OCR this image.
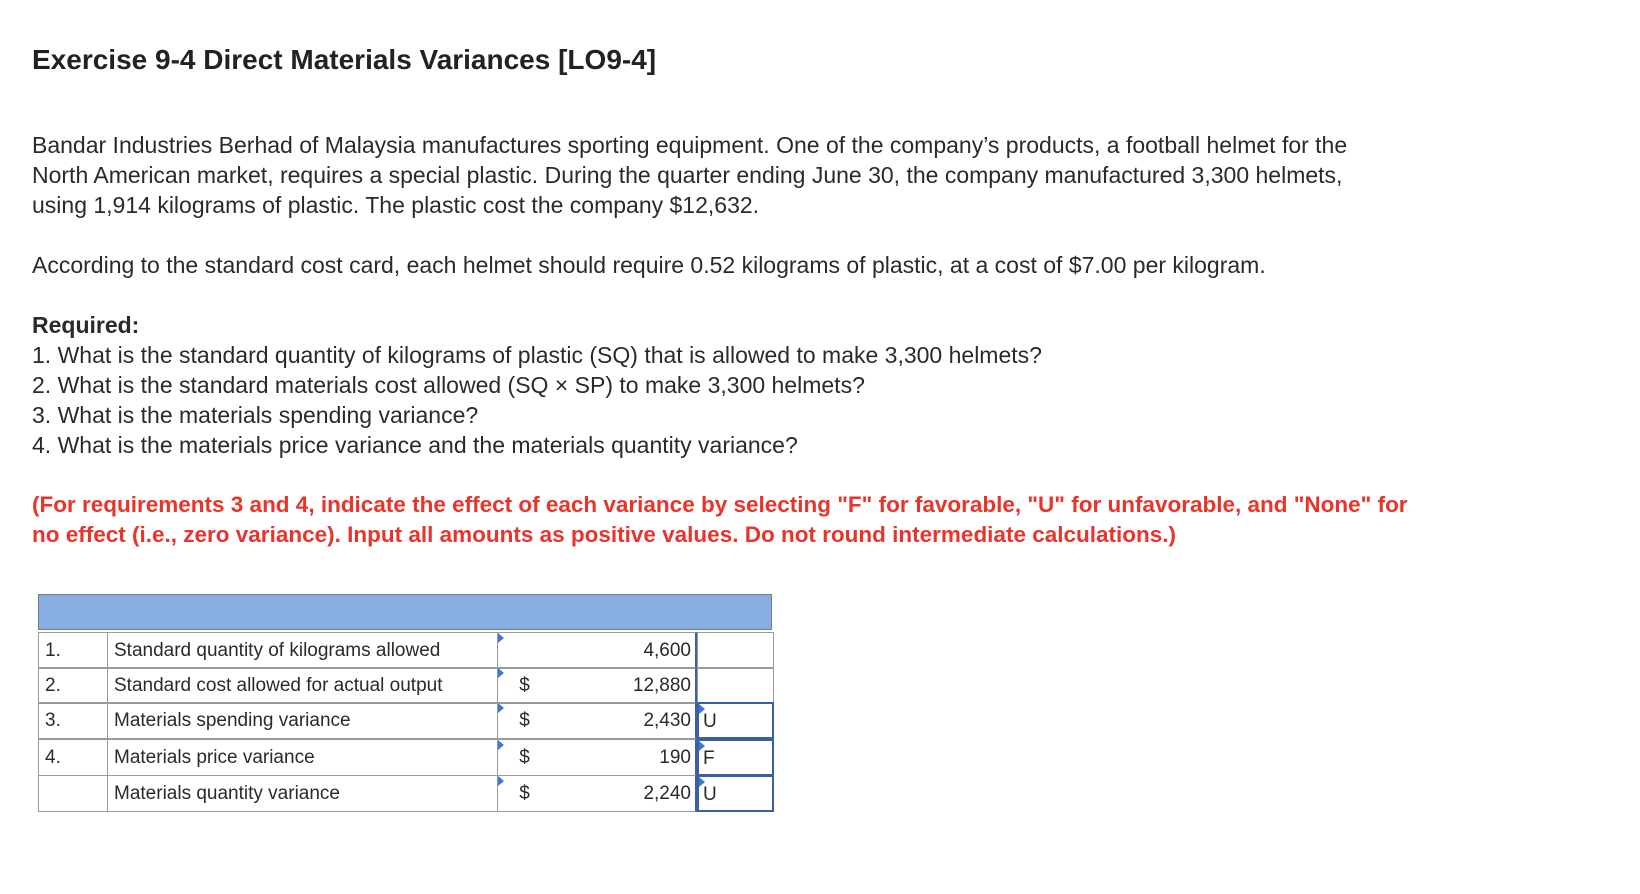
Exercise 9-4 Direct Materials Variances [LO9-4]
Bandar Industries Berhad of Malaysia manufactures sporting equipment. One of the company’s products, a football helmet for the
North American market, requires a special plastic. During the quarter ending June 30, the company manufactured 3,300 helmets,
using 1,914 kilograms of plastic. The plastic cost the company $12,632.

According to the standard cost card, each helmet should require 0.52 kilograms of plastic, at a cost of $7.00 per kilogram.

Required:
1. What is the standard quantity of kilograms of plastic (SQ) that is allowed to make 3,300 helmets?
2. What is the standard materials cost allowed (SQ × SP) to make 3,300 helmets?
3. What is the materials spending variance?
4. What is the materials price variance and the materials quantity variance?
(For requirements 3 and 4, indicate the effect of each variance by selecting "F" for favorable, "U" for unfavorable, and "None" for
no effect (i.e., zero variance). Input all amounts as positive values. Do not round intermediate calculations.)
1.	Standard quantity of kilograms allowed	4,600
2.	Standard cost allowed for actual output	$	12,880
3.	Materials spending variance	$	2,430 U
4.	Materials price variance	$	190 F
Materials quantity variance	$	2,240 U
